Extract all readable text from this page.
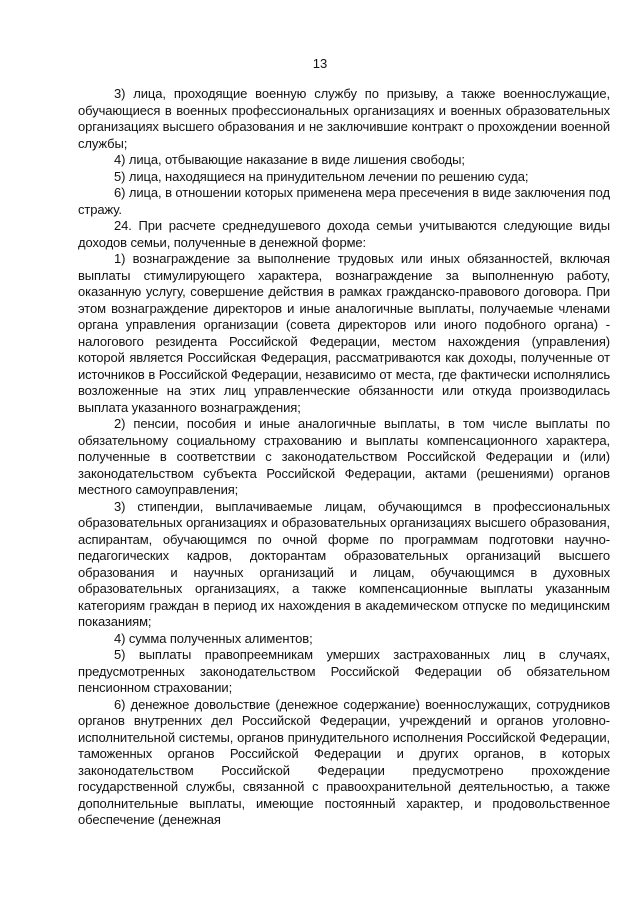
13

3) лица, проходящие военную службу по призыву, а также военнослужащие, обучающиеся в военных профессиональных организациях и военных образовательных организациях высшего образования и не заключившие контракт о прохождении военной службы;

4) лица, отбывающие наказание в виде лишения свободы;

5) лица, находящиеся на принудительном лечении по решению суда;

6) лица, в отношении которых применена мера пресечения в виде заключения под стражу.

24. При расчете среднедушевого дохода семьи учитываются следующие виды доходов семьи, полученные в денежной форме:

1) вознаграждение за выполнение трудовых или иных обязанностей, включая выплаты стимулирующего характера, вознаграждение за выполненную работу, оказанную услугу, совершение действия в рамках гражданско-правового договора. При этом вознаграждение директоров и иные аналогичные выплаты, получаемые членами органа управления организации (совета директоров или иного подобного органа) - налогового резидента Российской Федерации, местом нахождения (управления) которой является Российская Федерация, рассматриваются как доходы, полученные от источников в Российской Федерации, независимо от места, где фактически исполнялись возложенные на этих лиц управленческие обязанности или откуда производилась выплата указанного вознаграждения;

2) пенсии, пособия и иные аналогичные выплаты, в том числе выплаты по обязательному социальному страхованию и выплаты компенсационного характера, полученные в соответствии с законодательством Российской Федерации и (или) законодательством субъекта Российской Федерации, актами (решениями) органов местного самоуправления;

3) стипендии, выплачиваемые лицам, обучающимся в профессиональных образовательных организациях и образовательных организациях высшего образования, аспирантам, обучающимся по очной форме по программам подготовки научно-педагогических кадров, докторантам образовательных организаций высшего образования и научных организаций и лицам, обучающимся в духовных образовательных организациях, а также компенсационные выплаты указанным категориям граждан в период их нахождения в академическом отпуске по медицинским показаниям;

4) сумма полученных алиментов;

5) выплаты правопреемникам умерших застрахованных лиц в случаях, предусмотренных законодательством Российской Федерации об обязательном пенсионном страховании;

6) денежное довольствие (денежное содержание) военнослужащих, сотрудников органов внутренних дел Российской Федерации, учреждений и органов уголовно-исполнительной системы, органов принудительного исполнения Российской Федерации, таможенных органов Российской Федерации и других органов, в которых законодательством Российской Федерации предусмотрено прохождение государственной службы, связанной с правоохранительной деятельностью, а также дополнительные выплаты, имеющие постоянный характер, и продовольственное обеспечение (денежная
